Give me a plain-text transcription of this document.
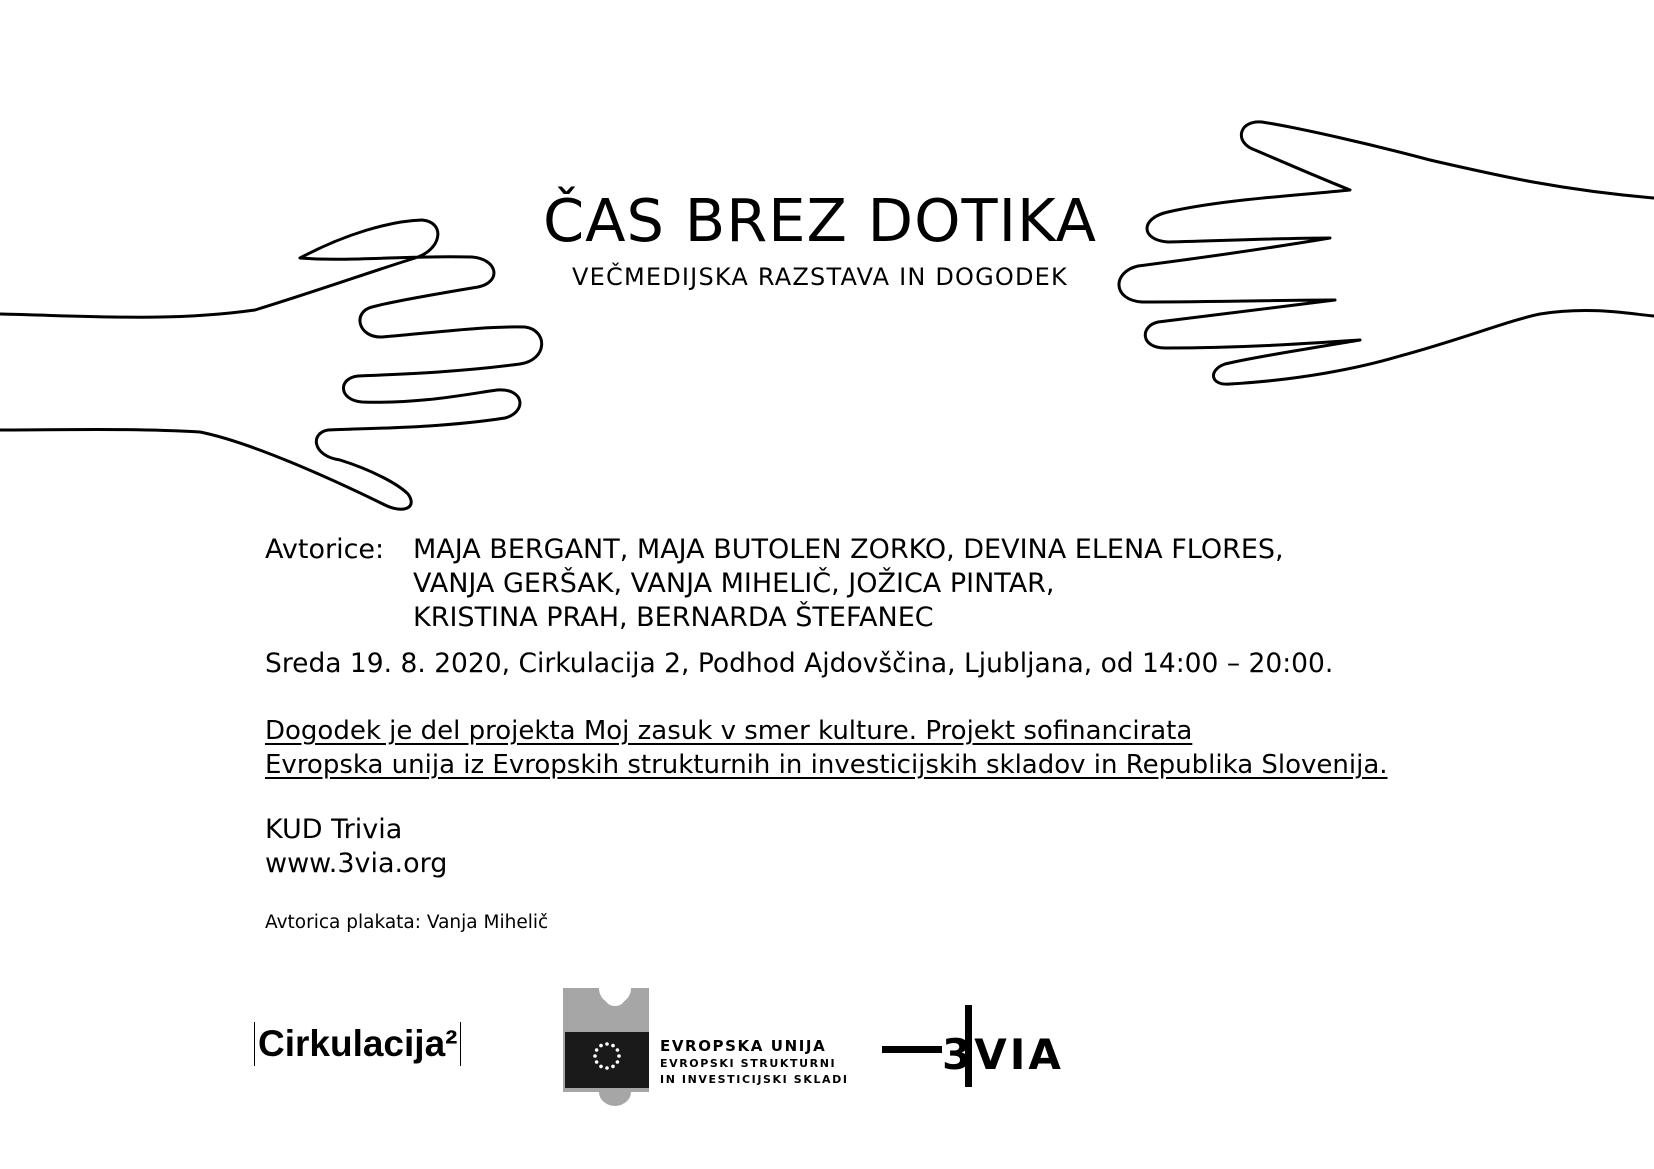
ČAS BREZ DOTIKA
VEČMEDIJSKA RAZSTAVA IN DOGODEK
Avtorice: MAJA BERGANT, MAJA BUTOLEN ZORKO, DEVINA ELENA FLORES,
VANJA GERŠAK, VANJA MIHELIČ, JOŽICA PINTAR,
KRISTINA PRAH, BERNARDA ŠTEFANEC
Sreda 19. 8. 2020, Cirkulacija 2, Podhod Ajdovščina, Ljubljana, od 14:00 – 20:00.
Dogodek je del projekta Moj zasuk v smer kulture. Projekt sofinancirata
Evropska unija iz Evropskih strukturnih in investicijskih skladov in Republika Slovenija.
KUD Trivia
www.3via.org
Avtorica plakata: Vanja Mihelič
Cirkulacija²	EVROPSKA UNIJA
EVROPSKI STRUKTURNI
IN INVESTICIJSKI SKLADI
3VIA
